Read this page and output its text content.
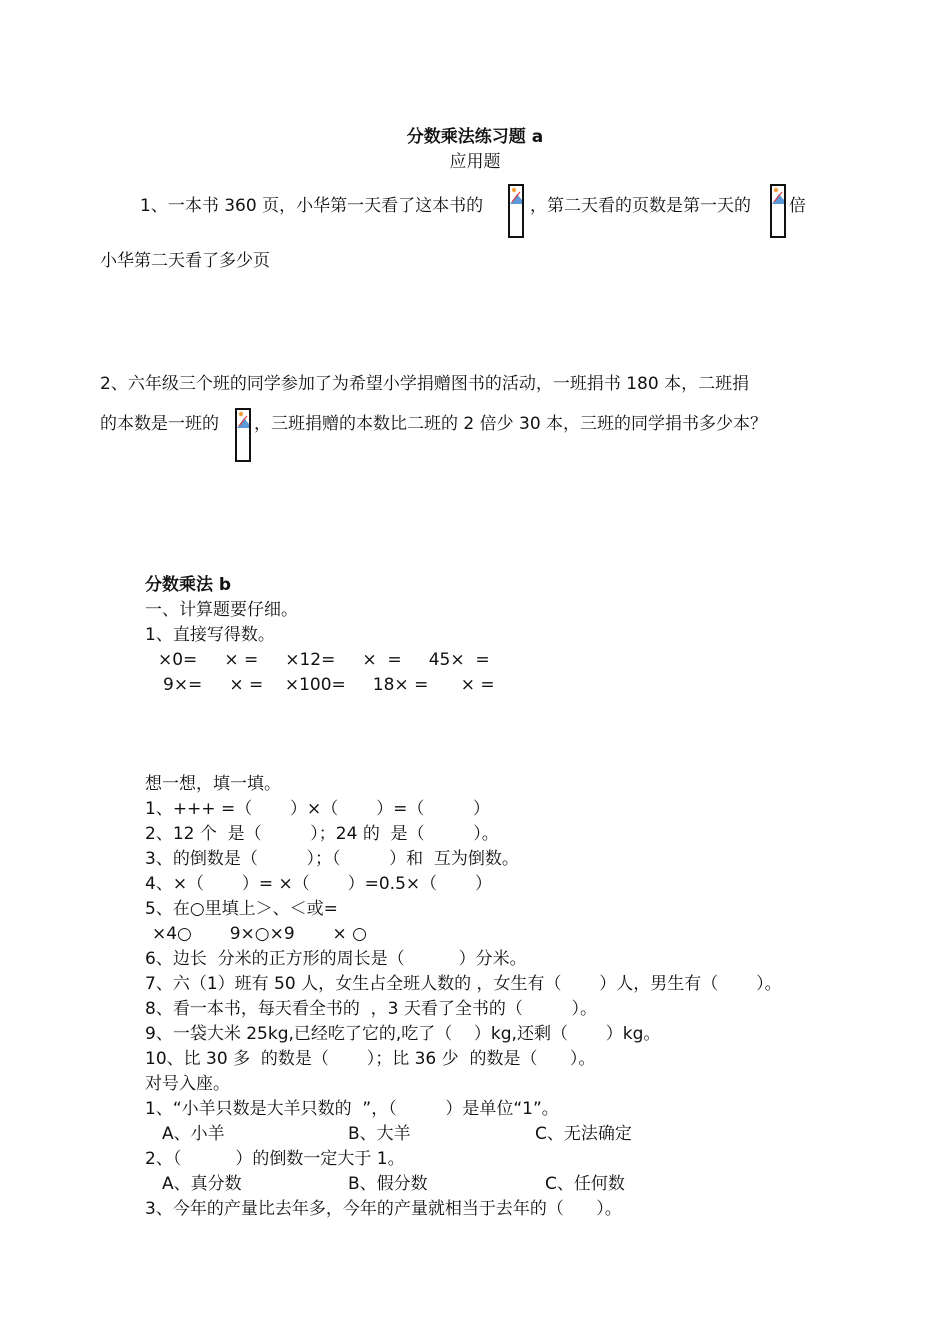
分数乘法练习题 a
应用题
1、一本书 360 页，小华第一天看了这本书的	，第二天看的页数是第一天的 倍
小华第二天看了多少页
2、六年级三个班的同学参加了为希望小学捐赠图书的活动，一班捐书 180 本，二班捐
的本数是一班的 ，三班捐赠的本数比二班的 2 倍少 30 本，三班的同学捐书多少本？
分数乘法 b
一、计算题要仔细。
1、直接写得数。
×0=     × =     ×12=     ×  =     45×  =
9×=     × =    ×100=     18× =      × =
想一想，填一填。
1、+++ =（       ）×（       ）=（         ）
2、12 个  是（         ）；24 的  是（         ）。
3、的倒数是（         ）；（         ）和  互为倒数。
4、×（       ）= ×（       ）=0.5×（       ）
5、在○里填上＞、＜或=
×4○       9×○×9       × ○
6、边长  分米的正方形的周长是（          ）分米。
7、六（1）班有 50 人，女生占全班人数的 ，女生有（       ）人，男生有（       ）。
8、看一本书，每天看全书的  ，3 天看了全书的（         ）。
9、一袋大米 25kg,已经吃了它的,吃了（    ）kg,还剩（       ）kg。
10、比 30 多  的数是（       ）；比 36 少  的数是（      ）。
对号入座。
1、“小羊只数是大羊只数的  ”，（         ）是单位“1”。
A、小羊	B、大羊	C、无法确定
2、（          ）的倒数一定大于 1。
A、真分数	B、假分数	C、任何数
3、今年的产量比去年多，今年的产量就相当于去年的（      ）。
